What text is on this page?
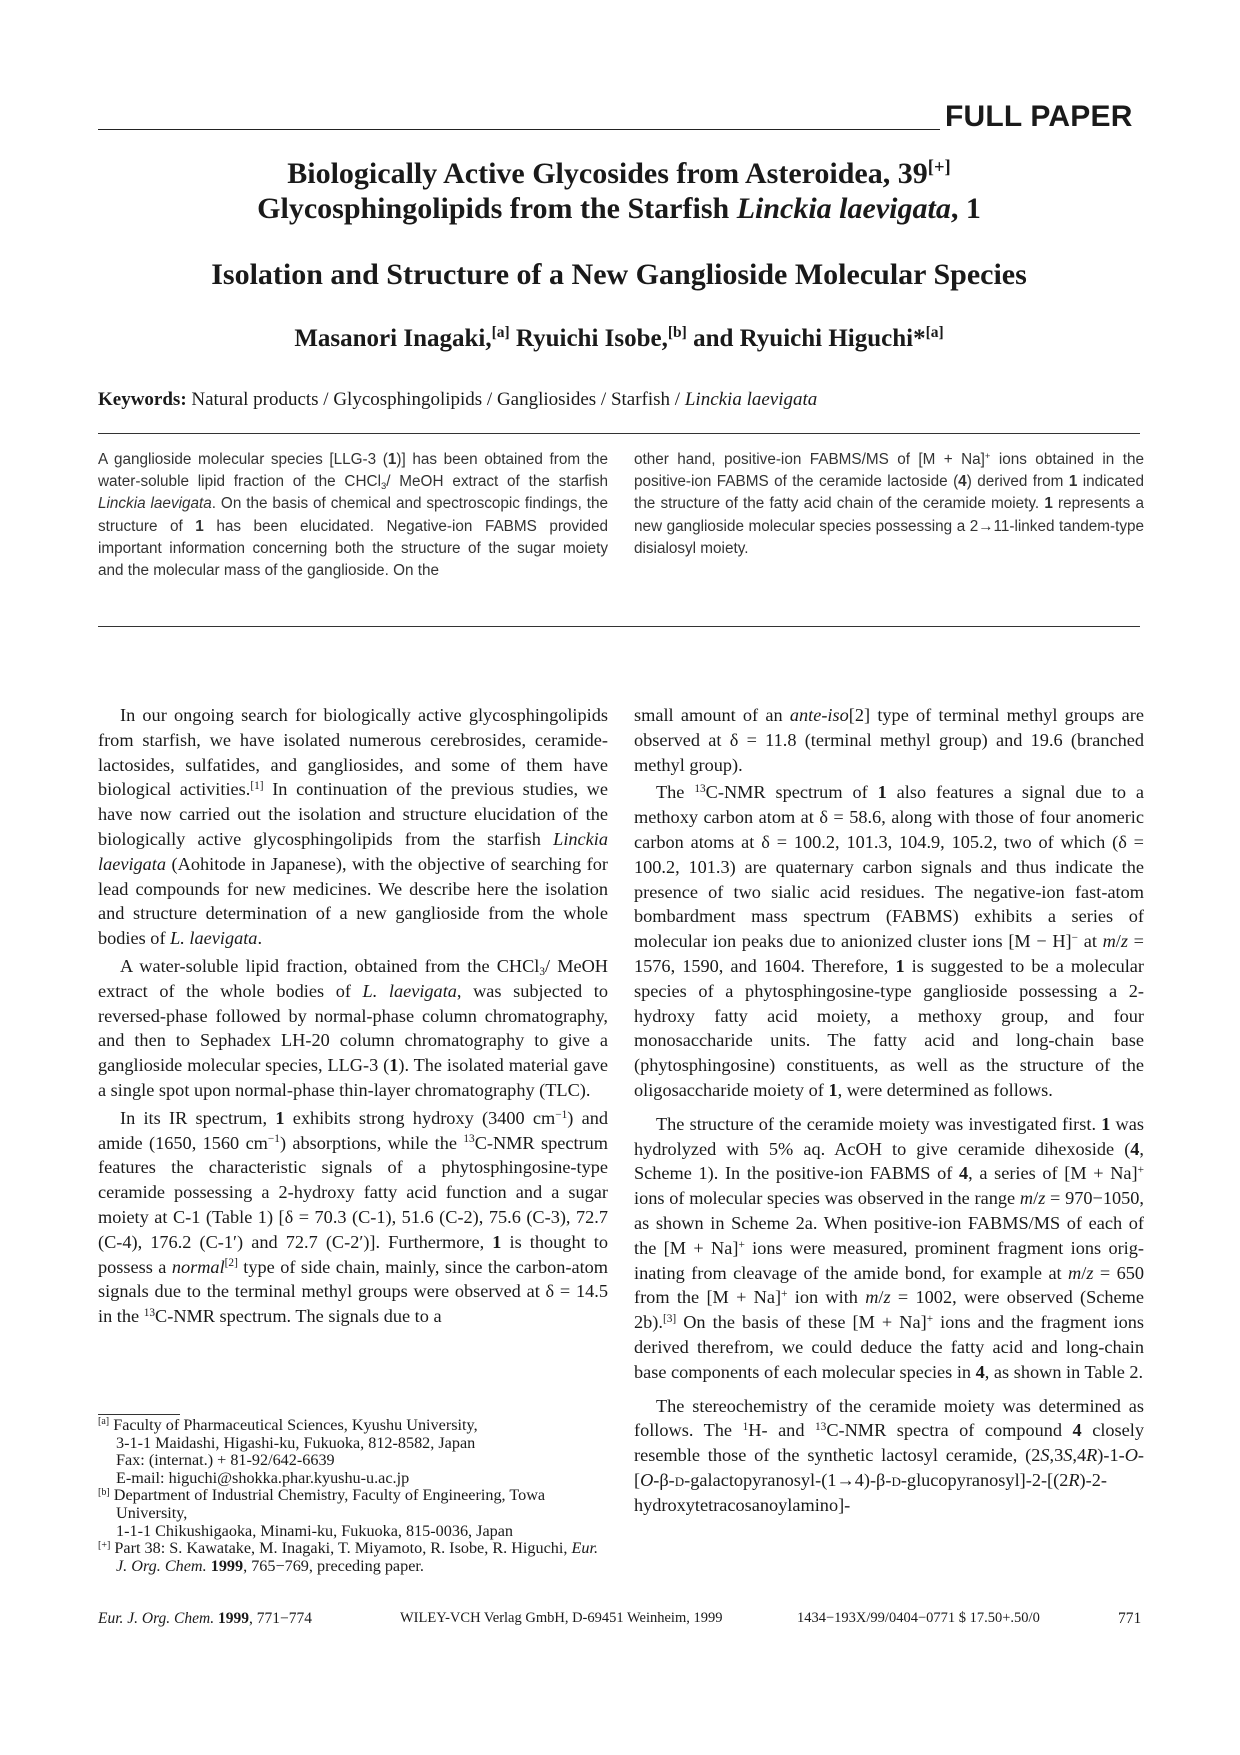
FULL PAPER
Biologically Active Glycosides from Asteroidea, 39[+]
Glycosphingolipids from the Starfish Linckia laevigata, 1
Isolation and Structure of a New Ganglioside Molecular Species
Masanori Inagaki,[a] Ryuichi Isobe,[b] and Ryuichi Higuchi*[a]
Keywords: Natural products / Glycosphingolipids / Gangliosides / Starfish / Linckia laevigata
A ganglioside molecular species [LLG-3 (1)] has been obtained from the water-soluble lipid fraction of the CHCl$_3$/ MeOH extract of the starfish Linckia laevigata. On the basis of chemical and spectroscopic findings, the structure of 1 has been elucidated. Negative-ion FABMS provided important information concerning both the structure of the sugar moiety and the molecular mass of the ganglioside. On the
other hand, positive-ion FABMS/MS of [M + Na]+ ions obtained in the positive-ion FABMS of the ceramide lactoside (4) derived from 1 indicated the structure of the fatty acid chain of the ceramide moiety. 1 represents a new ganglioside molecular species possessing a 2→11-linked tandem-type disialosyl moiety.

In our ongoing search for biologically active glycosphingolipids from starfish, we have isolated numerous cerebrosides, ceramide-lactosides, sulfatides, and gangliosides, and some of them have biological activities.[1] In continuation of the previous studies, we have now carried out the isolation and structure elucidation of the biologically active glycosphingolipids from the starfish Linckia laevigata (Aohitode in Japanese), with the objective of searching for lead compounds for new medicines. We describe here the isolation and structure determination of a new ganglioside from the whole bodies of L. laevigata.

A water-soluble lipid fraction, obtained from the CHCl$_3$/ MeOH extract of the whole bodies of L. laevigata, was subjected to reversed-phase followed by normal-phase column chromatography, and then to Sephadex LH-20 column chromatography to give a ganglioside molecular species, LLG-3 (1). The isolated material gave a single spot upon normal-phase thin-layer chromatography (TLC).

In its IR spectrum, 1 exhibits strong hydroxy (3400 $cm^{-1}$) and amide (1650, 1560 $cm^{-1}$) absorptions, while the $^{13}$C-NMR spectrum features the characteristic signals of a phytosphingosine-type ceramide possessing a 2-hydroxy fatty acid function and a sugar moiety at C-1 (Table 1) [δ = 70.3 (C-1), 51.6 (C-2), 75.6 (C-3), 72.7 (C-4), 176.2 (C-1′) and 72.7 (C-2′)]. Furthermore, 1 is thought to possess a normal[2] type of side chain, mainly, since the carbon-atom signals due to the terminal methyl groups were observed at δ = 14.5 in the $^{13}$C-NMR spectrum. The signals due to a

[a] Faculty of Pharmaceutical Sciences, Kyushu University,
3-1-1 Maidashi, Higashi-ku, Fukuoka, 812-8582, Japan
Fax: (internat.) + 81-92/642-6639
E-mail: higuchi@shokka.phar.kyushu-u.ac.jp
[b] Department of Industrial Chemistry, Faculty of Engineering, Towa University,
1-1-1 Chikushigaoka, Minami-ku, Fukuoka, 815-0036, Japan
[+] Part 38: S. Kawatake, M. Inagaki, T. Miyamoto, R. Isobe, R. Higuchi, Eur. J. Org. Chem. 1999, 765−769, preceding paper.

small amount of an ante-iso[2] type of terminal methyl groups are observed at δ = 11.8 (terminal methyl group) and 19.6 (branched methyl group).

The $^{13}$C-NMR spectrum of 1 also features a signal due to a methoxy carbon atom at δ = 58.6, along with those of four anomeric carbon atoms at δ = 100.2, 101.3, 104.9, 105.2, two of which (δ = 100.2, 101.3) are quaternary carbon signals and thus indicate the presence of two sialic acid residues. The negative-ion fast-atom bombardment mass spectrum (FABMS) exhibits a series of molecular ion peaks due to anionized cluster ions [M − H]− at m/z = 1576, 1590, and 1604. Therefore, 1 is suggested to be a molecular species of a phytosphingosine-type ganglioside possessing a 2-hydroxy fatty acid moiety, a methoxy group, and four monosaccharide units. The fatty acid and long-chain base (phytosphingosine) constituents, as well as the structure of the oligosaccharide moiety of 1, were determined as follows.

The structure of the ceramide moiety was investigated first. 1 was hydrolyzed with 5% aq. AcOH to give ceramide dihexoside (4, Scheme 1). In the positive-ion FABMS of 4, a series of [M + Na]+ ions of molecular species was observed in the range m/z = 970−1050, as shown in Scheme 2a. When positive-ion FABMS/MS of each of the [M + Na]+ ions were measured, prominent fragment ions originating from cleavage of the amide bond, for example at m/z = 650 from the [M + Na]+ ion with m/z = 1002, were observed (Scheme 2b).[3] On the basis of these [M + Na]+ ions and the fragment ions derived therefrom, we could deduce the fatty acid and long-chain base components of each molecular species in 4, as shown in Table 2.

The stereochemistry of the ceramide moiety was determined as follows. The $^1$H- and $^{13}$C-NMR spectra of compound 4 closely resemble those of the synthetic lactosyl ceramide, (2S,3S,4R)-1-O-[O-β-d-galactopyranosyl-(1→4)-β-d-glucopyranosyl]-2-[(2R)-2-hydroxytetracosanoylamino]-

Eur. J. Org. Chem. 1999, 771−774	WILEY-VCH Verlag GmbH, D-69451 Weinheim, 1999	1434−193X/99/0404−0771 $ 17.50+.50/0	771
